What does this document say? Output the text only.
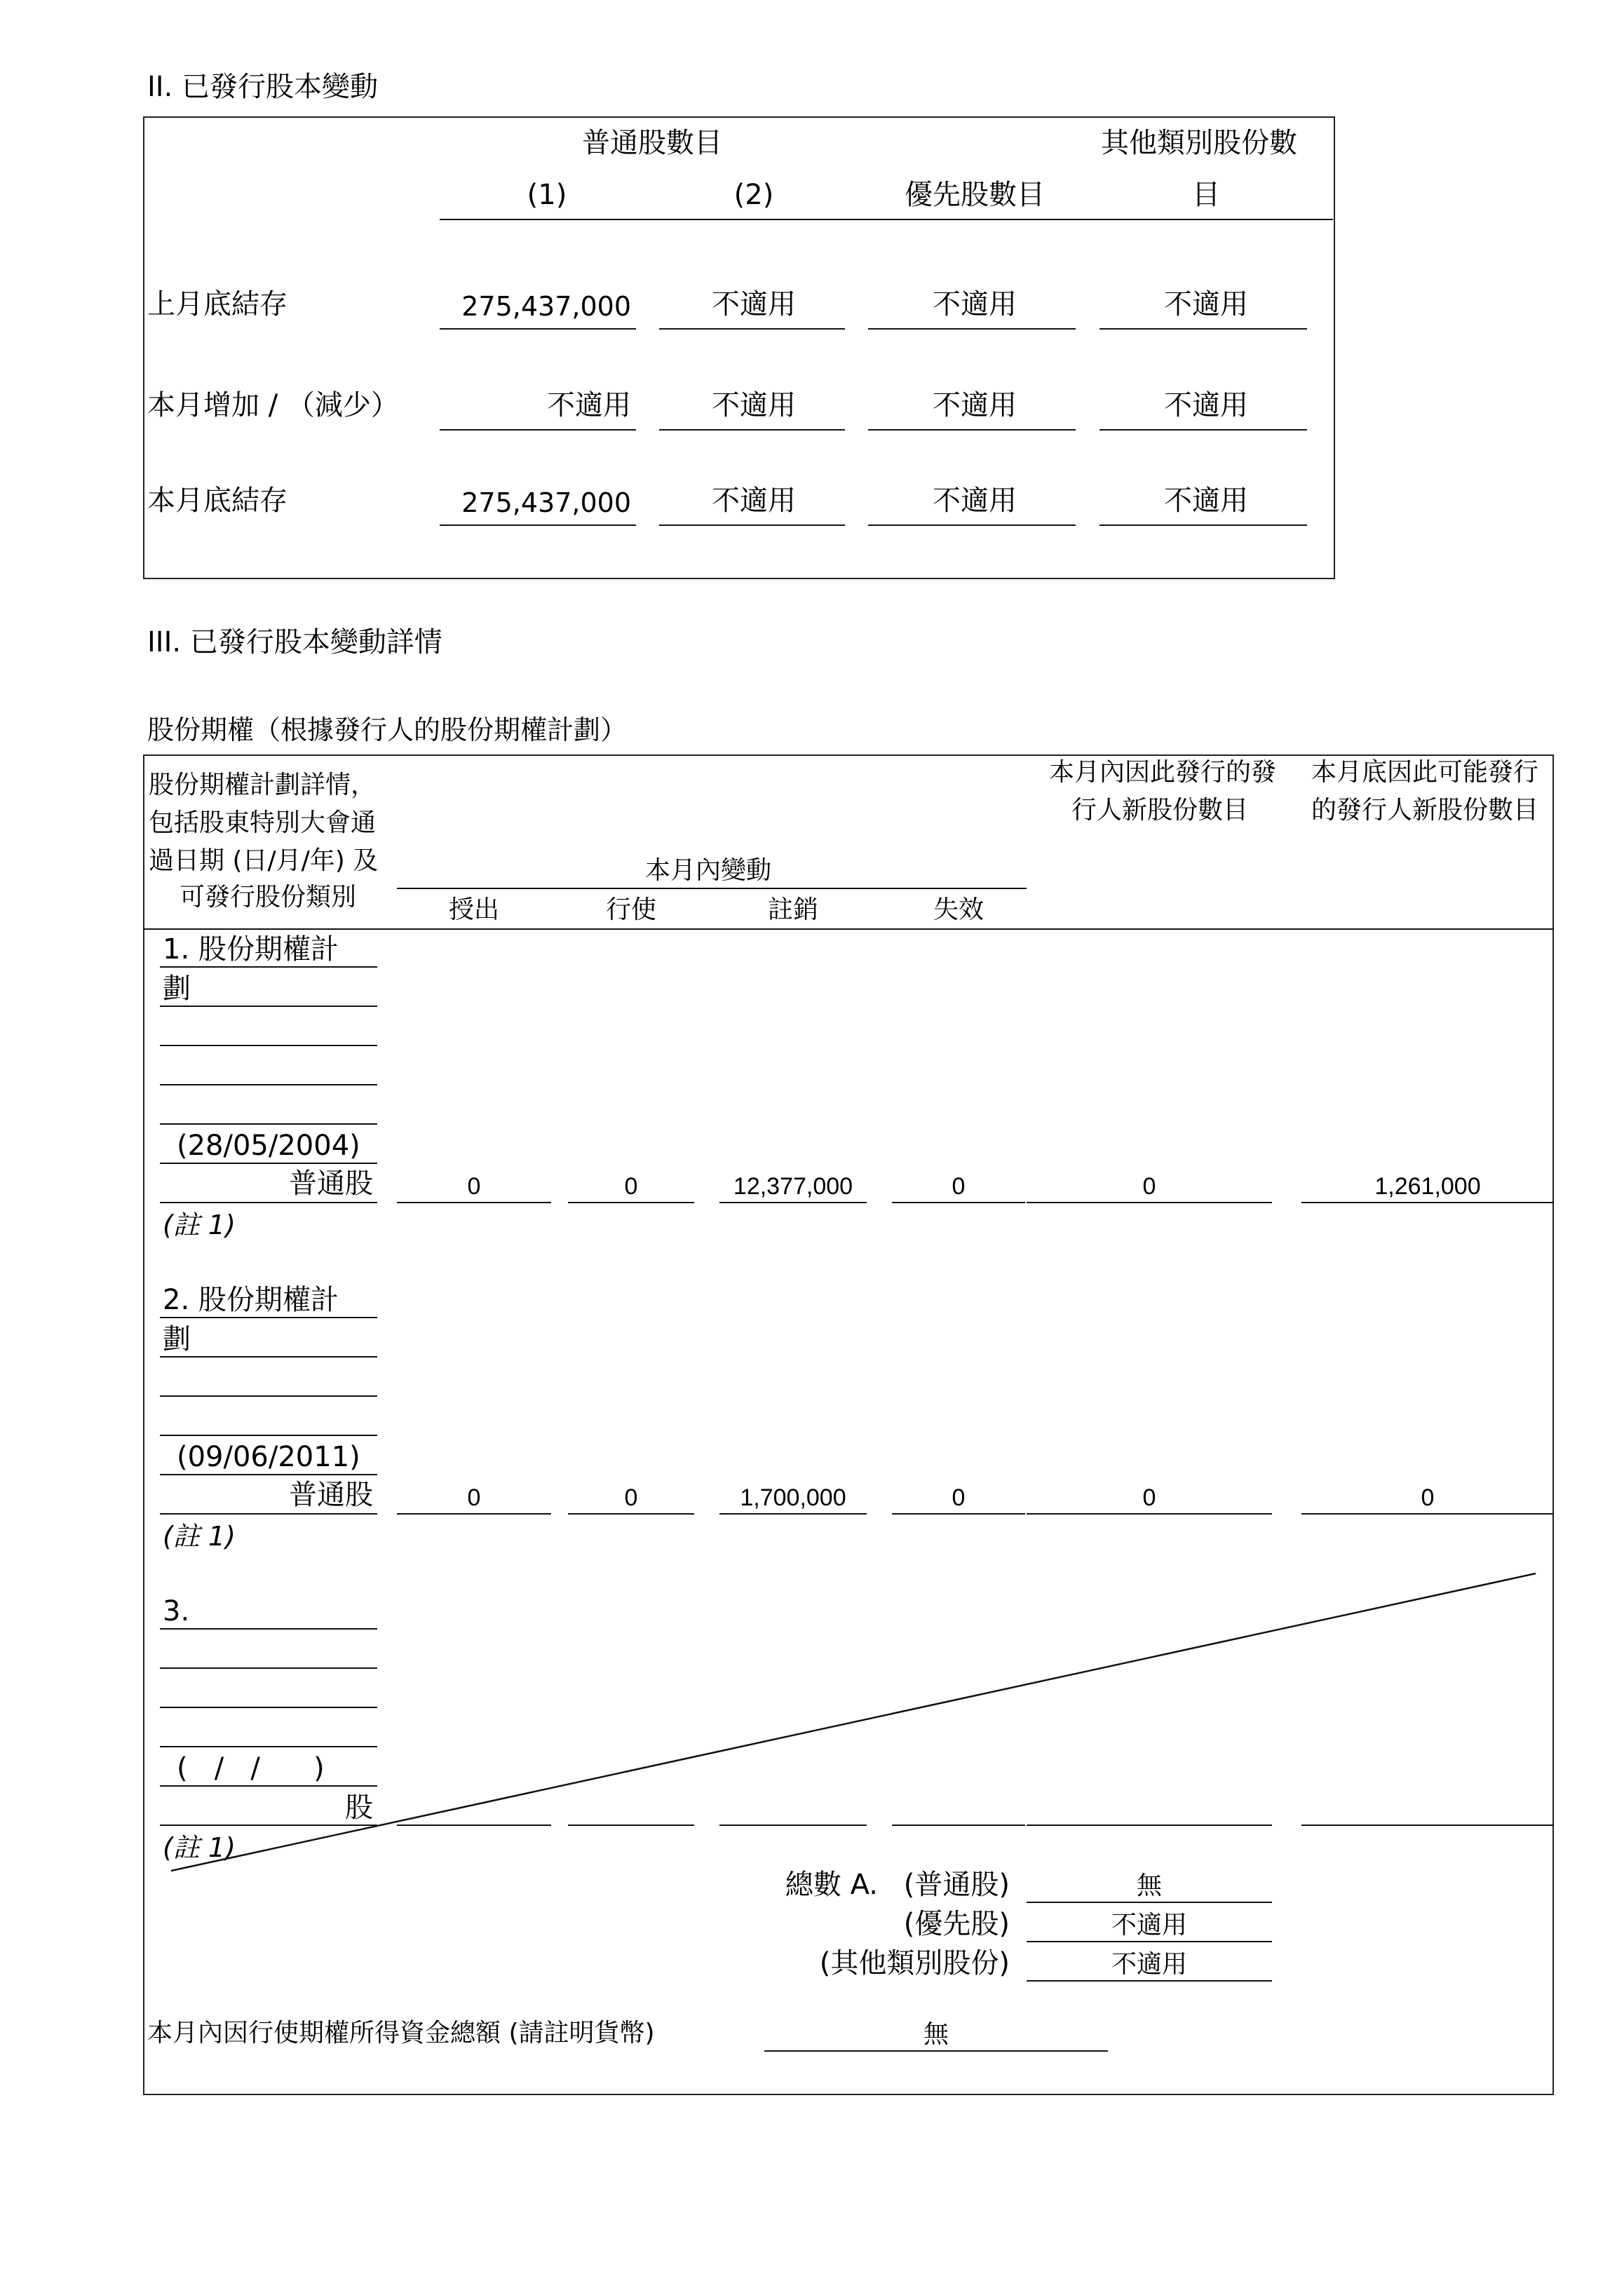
II. 已發行股本變動
普通股數目	其他類別股份數
(1)	(2)	優先股數目	目
上月底結存	275,437,000	不適用	不適用	不適用
本月增加 / （減少）	不適用	不適用	不適用	不適用
本月底結存	275,437,000	不適用	不適用	不適用
III. 已發行股本變動詳情
股份期權（根據發行人的股份期權計劃）
股份期權計劃詳情，
包括股東特別大會通
過日期 (日/月/年) 及
可發行股份類別
本月內變動
授出	行使	註銷	失效
本月內因此發行的發
行人新股份數目
本月底因此可能發行
的發行人新股份數目
1. 股份期權計
劃
(28/05/2004)
普通股
(註 1)
0	0	12,377,000	0	0	1,261,000
2. 股份期權計
劃
(09/06/2011)
普通股
(註 1)
0	0	1,700,000	0	0	0
3.
(   /   /      )
股
(註 1)
總數 A. (普通股)	無
(優先股)	不適用
(其他類別股份)	不適用
本月內因行使期權所得資金總額 (請註明貨幣)	無
